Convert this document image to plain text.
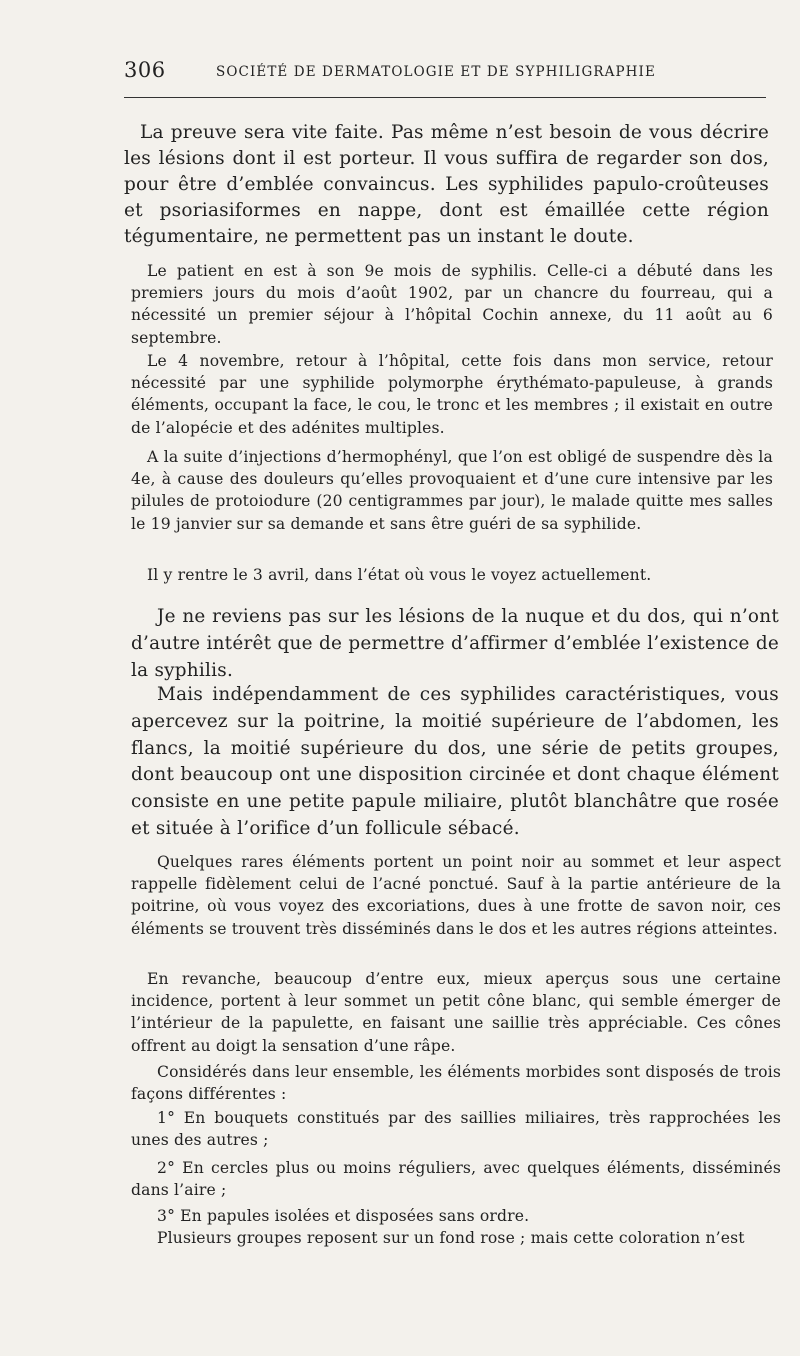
306	SOCIÉTÉ DE DERMATOLOGIE ET DE SYPHILIGRAPHIE

La preuve sera vite faite. Pas même n’est besoin de vous décrire les lésions dont il est porteur. Il vous suffira de regarder son dos, pour être d’emblée convaincus. Les syphilides papulo-croûteuses et psoriasiformes en nappe, dont est émaillée cette région tégumentaire, ne permettent pas un instant le doute.

Le patient en est à son 9e mois de syphilis. Celle-ci a débuté dans les premiers jours du mois d’août 1902, par un chancre du fourreau, qui a nécessité un premier séjour à l’hôpital Cochin annexe, du 11 août au 6 septembre.

Le 4 novembre, retour à l’hôpital, cette fois dans mon service, retour nécessité par une syphilide polymorphe érythémato-papuleuse, à grands éléments, occupant la face, le cou, le tronc et les membres ; il existait en outre de l’alopécie et des adénites multiples.

A la suite d’injections d’hermophényl, que l’on est obligé de suspendre dès la 4e, à cause des douleurs qu’elles provoquaient et d’une cure intensive par les pilules de protoiodure (20 centigrammes par jour), le malade quitte mes salles le 19 janvier sur sa demande et sans être guéri de sa syphilide.

Il y rentre le 3 avril, dans l’état où vous le voyez actuellement.

Je ne reviens pas sur les lésions de la nuque et du dos, qui n’ont d’autre intérêt que de permettre d’affirmer d’emblée l’existence de la syphilis.

Mais indépendamment de ces syphilides caractéristiques, vous apercevez sur la poitrine, la moitié supérieure de l’abdomen, les flancs, la moitié supérieure du dos, une série de petits groupes, dont beaucoup ont une disposition circinée et dont chaque élément consiste en une petite papule miliaire, plutôt blanchâtre que rosée et située à l’orifice d’un follicule sébacé.

Quelques rares éléments portent un point noir au sommet et leur aspect rappelle fidèlement celui de l’acné ponctué. Sauf à la partie antérieure de la poitrine, où vous voyez des excoriations, dues à une frotte de savon noir, ces éléments se trouvent très disséminés dans le dos et les autres régions atteintes.

En revanche, beaucoup d’entre eux, mieux aperçus sous une certaine incidence, portent à leur sommet un petit cône blanc, qui semble émerger de l’intérieur de la papulette, en faisant une saillie très appréciable. Ces cônes offrent au doigt la sensation d’une râpe.

Considérés dans leur ensemble, les éléments morbides sont disposés de trois façons différentes :

1° En bouquets constitués par des saillies miliaires, très rapprochées les unes des autres ;

2° En cercles plus ou moins réguliers, avec quelques éléments, disséminés dans l’aire ;

3° En papules isolées et disposées sans ordre.

Plusieurs groupes reposent sur un fond rose ; mais cette coloration n’est
